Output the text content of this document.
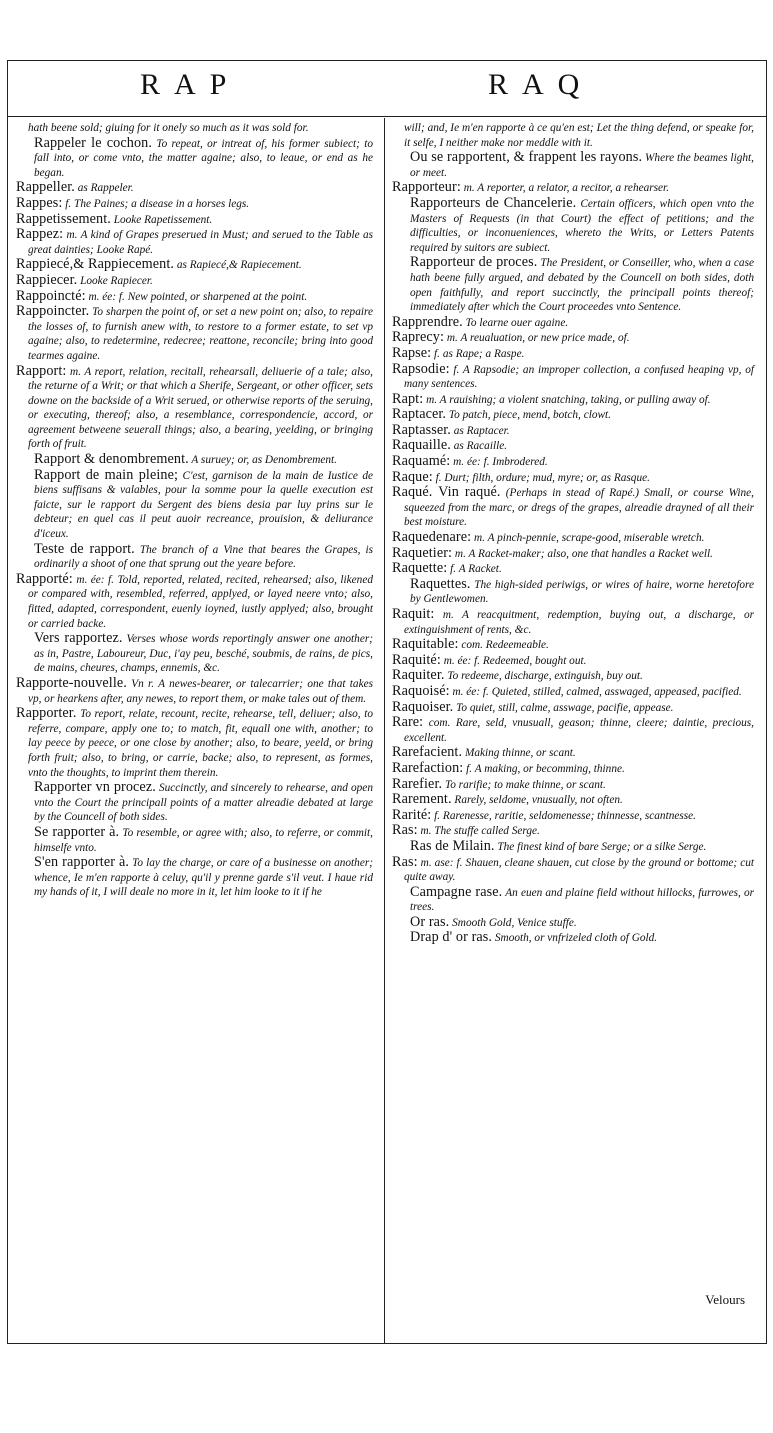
RAP	RAQ

hath beene sold; giuing for it onely so much as it was sold for.

Rappeler le cochon. To repeat, or intreat of, his former subiect; to fall into, or come vnto, the matter againe; also, to leaue, or end as he began.

Rappeller. as Rappeler.

Rappes: f. The Paines; a disease in a horses legs.

Rappetissement. Looke Rapetissement.

Rappez: m. A kind of Grapes preserued in Must; and serued to the Table as great dainties; Looke Rapé.

Rappiecé,& Rappiecement. as Rapiecé,& Rapiecement.

Rappiecer. Looke Rapiecer.

Rappoincté: m. ée: f. New pointed, or sharpened at the point.

Rappoincter. To sharpen the point of, or set a new point on; also, to repaire the losses of, to furnish anew with, to restore to a former estate, to set vp againe; also, to redetermine, redecree; reattone, reconcile; bring into good tearmes againe.

Rapport: m. A report, relation, recitall, rehearsall, deliuerie of a tale; also, the returne of a Writ; or that which a Sherife, Sergeant, or other officer, sets downe on the backside of a Writ serued, or otherwise reports of the seruing, or executing, thereof; also, a resemblance, correspondencie, accord, or agreement betweene seuerall things; also, a bearing, yeelding, or bringing forth of fruit.

Rapport & denombrement. A suruey; or, as Denombrement.

Rapport de main pleine; C'est, garnison de la main de Iustice de biens suffisans & valables, pour la somme pour la quelle execution est faicte, sur le rapport du Sergent des biens desia par luy prins sur le debteur; en quel cas il peut auoir recreance, prouision, & deliurance d'iceux.

Teste de rapport. The branch of a Vine that beares the Grapes, is ordinarily a shoot of one that sprung out the yeare before.

Rapporté: m. ée: f. Told, reported, related, recited, rehearsed; also, likened or compared with, resembled, referred, applyed, or layed neere vnto; also, fitted, adapted, correspondent, euenly ioyned, iustly applyed; also, brought or carried backe.

Vers rapportez. Verses whose words reportingly answer one another; as in, Pastre, Laboureur, Duc, i'ay peu, besché, soubmis, de rains, de pics, de mains, cheures, champs, ennemis, &c.

Rapporte-nouvelle. Vn r. A newes-bearer, or talecarrier; one that takes vp, or hearkens after, any newes, to report them, or make tales out of them.

Rapporter. To report, relate, recount, recite, rehearse, tell, deliuer; also, to referre, compare, apply one to; to match, fit, equall one with, another; to lay peece by peece, or one close by another; also, to beare, yeeld, or bring forth fruit; also, to bring, or carrie, backe; also, to represent, as formes, vnto the thoughts, to imprint them therein.

Rapporter vn procez. Succinctly, and sincerely to rehearse, and open vnto the Court the principall points of a matter alreadie debated at large by the Councell of both sides.

Se rapporter à. To resemble, or agree with; also, to referre, or commit, himselfe vnto.

S'en rapporter à. To lay the charge, or care of a businesse on another; whence, Ie m'en rapporte à celuy, qu'il y prenne garde s'il veut. I haue rid my hands of it, I will deale no more in it, let him looke to it if he

will; and, Ie m'en rapporte à ce qu'en est; Let the thing defend, or speake for, it selfe, I neither make nor meddle with it.

Ou se rapportent, & frappent les rayons. Where the beames light, or meet.

Rapporteur: m. A reporter, a relator, a recitor, a rehearser.

Rapporteurs de Chancelerie. Certain officers, which open vnto the Masters of Requests (in that Court) the effect of petitions; and the difficulties, or inconueniences, whereto the Writs, or Letters Patents required by suitors are subiect.

Rapporteur de proces. The President, or Conseiller, who, when a case hath beene fully argued, and debated by the Councell on both sides, doth open faithfully, and report succinctly, the principall points thereof; immediately after which the Court proceedes vnto Sentence.

Rapprendre. To learne ouer againe.

Raprecy: m. A reualuation, or new price made, of.

Rapse: f. as Rape; a Raspe.

Rapsodie: f. A Rapsodie; an improper collection, a confused heaping vp, of many sentences.

Rapt: m. A rauishing; a violent snatching, taking, or pulling away of.

Raptacer. To patch, piece, mend, botch, clowt.

Raptasser. as Raptacer.

Raquaille. as Racaille.

Raquamé: m. ée: f. Imbrodered.

Raque: f. Durt; filth, ordure; mud, myre; or, as Rasque.

Raqué. Vin raqué. (Perhaps in stead of Rapé.) Small, or course Wine, squeezed from the marc, or dregs of the grapes, alreadie drayned of all their best moisture.

Raquedenare: m. A pinch-pennie, scrape-good, miserable wretch.

Raquetier: m. A Racket-maker; also, one that handles a Racket well.

Raquette: f. A Racket.

Raquettes. The high-sided periwigs, or wires of haire, worne heretofore by Gentlewomen.

Raquit: m. A reacquitment, redemption, buying out, a discharge, or extinguishment of rents, &c.

Raquitable: com. Redeemeable.

Raquité: m. ée: f. Redeemed, bought out.

Raquiter. To redeeme, discharge, extinguish, buy out.

Raquoisé: m. ée: f. Quieted, stilled, calmed, asswaged, appeased, pacified.

Raquoiser. To quiet, still, calme, asswage, pacifie, appease.

Rare: com. Rare, seld, vnusuall, geason; thinne, cleere; daintie, precious, excellent.

Rarefacient. Making thinne, or scant.

Rarefaction: f. A making, or becomming, thinne.

Rarefier. To rarifie; to make thinne, or scant.

Rarement. Rarely, seldome, vnusually, not often.

Rarité: f. Rarenesse, raritie, seldomenesse; thinnesse, scantnesse.

Ras: m. The stuffe called Serge.

Ras de Milain. The finest kind of bare Serge; or a silke Serge.

Ras: m. ase: f. Shauen, cleane shauen, cut close by the ground or bottome; cut quite away.

Campagne rase. An euen and plaine field without hillocks, furrowes, or trees.

Or ras. Smooth Gold, Venice stuffe.

Drap d' or ras. Smooth, or vnfrizeled cloth of Gold.

Velours
